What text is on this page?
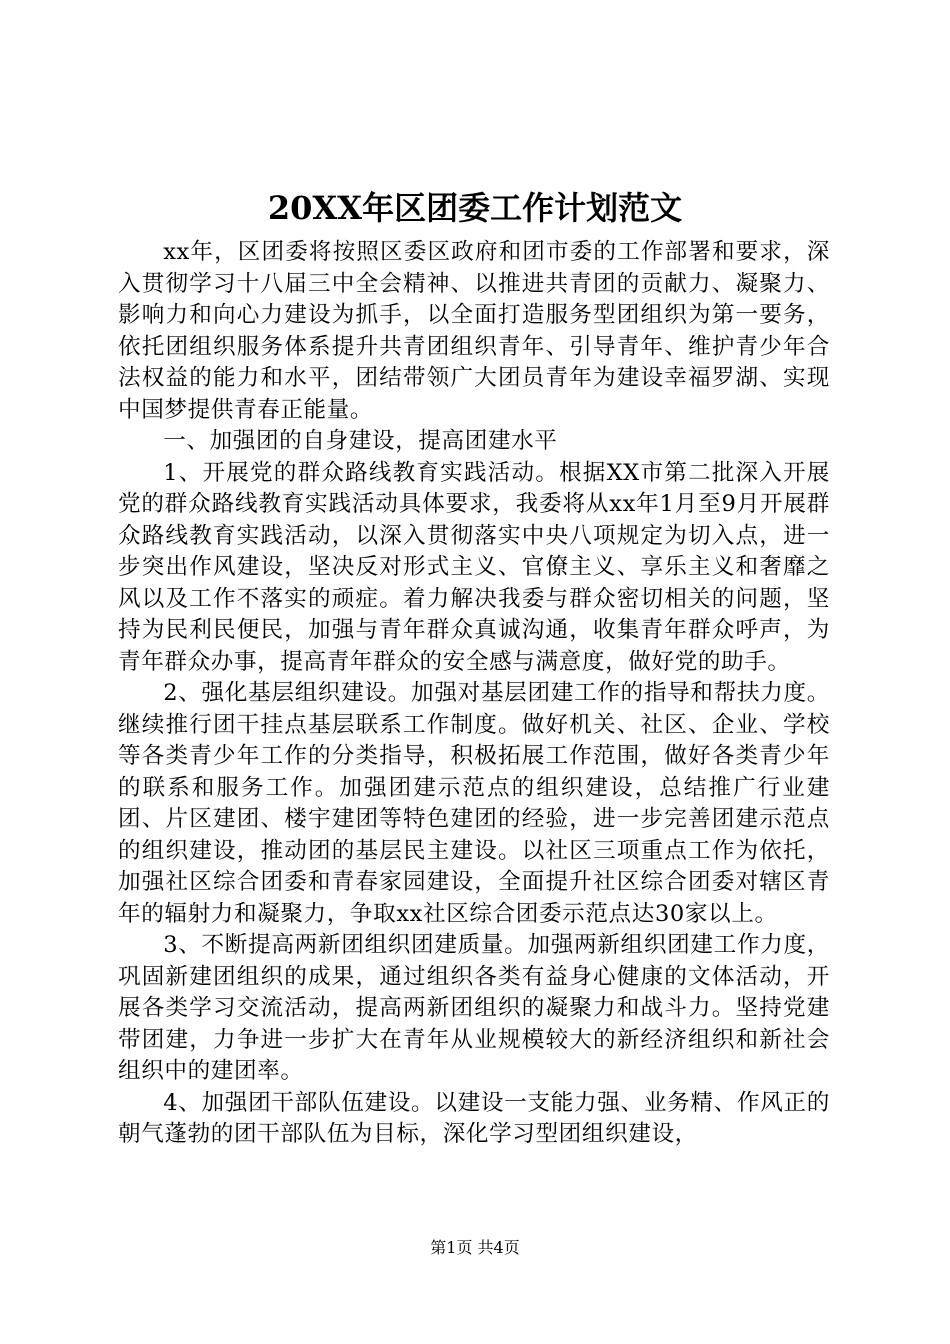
20XX年区团委工作计划范文

xx年，区团委将按照区委区政府和团市委的工作部署和要求，深入贯彻学习十八届三中全会精神、以推进共青团的贡献力、凝聚力、影响力和向心力建设为抓手，以全面打造服务型团组织为第一要务，依托团组织服务体系提升共青团组织青年、引导青年、维护青少年合法权益的能力和水平，团结带领广大团员青年为建设幸福罗湖、实现中国梦提供青春正能量。

一、加强团的自身建设，提高团建水平

1、开展党的群众路线教育实践活动。根据XX市第二批深入开展党的群众路线教育实践活动具体要求，我委将从xx年1月至9月开展群众路线教育实践活动，以深入贯彻落实中央八项规定为切入点，进一步突出作风建设，坚决反对形式主义、官僚主义、享乐主义和奢靡之风以及工作不落实的顽症。着力解决我委与群众密切相关的问题，坚持为民利民便民，加强与青年群众真诚沟通，收集青年群众呼声，为青年群众办事，提高青年群众的安全感与满意度，做好党的助手。

2、强化基层组织建设。加强对基层团建工作的指导和帮扶力度。继续推行团干挂点基层联系工作制度。做好机关、社区、企业、学校等各类青少年工作的分类指导，积极拓展工作范围，做好各类青少年的联系和服务工作。加强团建示范点的组织建设，总结推广行业建团、片区建团、楼宇建团等特色建团的经验，进一步完善团建示范点的组织建设，推动团的基层民主建设。以社区三项重点工作为依托，加强社区综合团委和青春家园建设，全面提升社区综合团委对辖区青年的辐射力和凝聚力，争取xx社区综合团委示范点达30家以上。

3、不断提高两新团组织团建质量。加强两新组织团建工作力度，巩固新建团组织的成果，通过组织各类有益身心健康的文体活动，开展各类学习交流活动，提高两新团组织的凝聚力和战斗力。坚持党建带团建，力争进一步扩大在青年从业规模较大的新经济组织和新社会组织中的建团率。

4、加强团干部队伍建设。以建设一支能力强、业务精、作风正的朝气蓬勃的团干部队伍为目标，深化学习型团组织建设，

第1页 共4页
